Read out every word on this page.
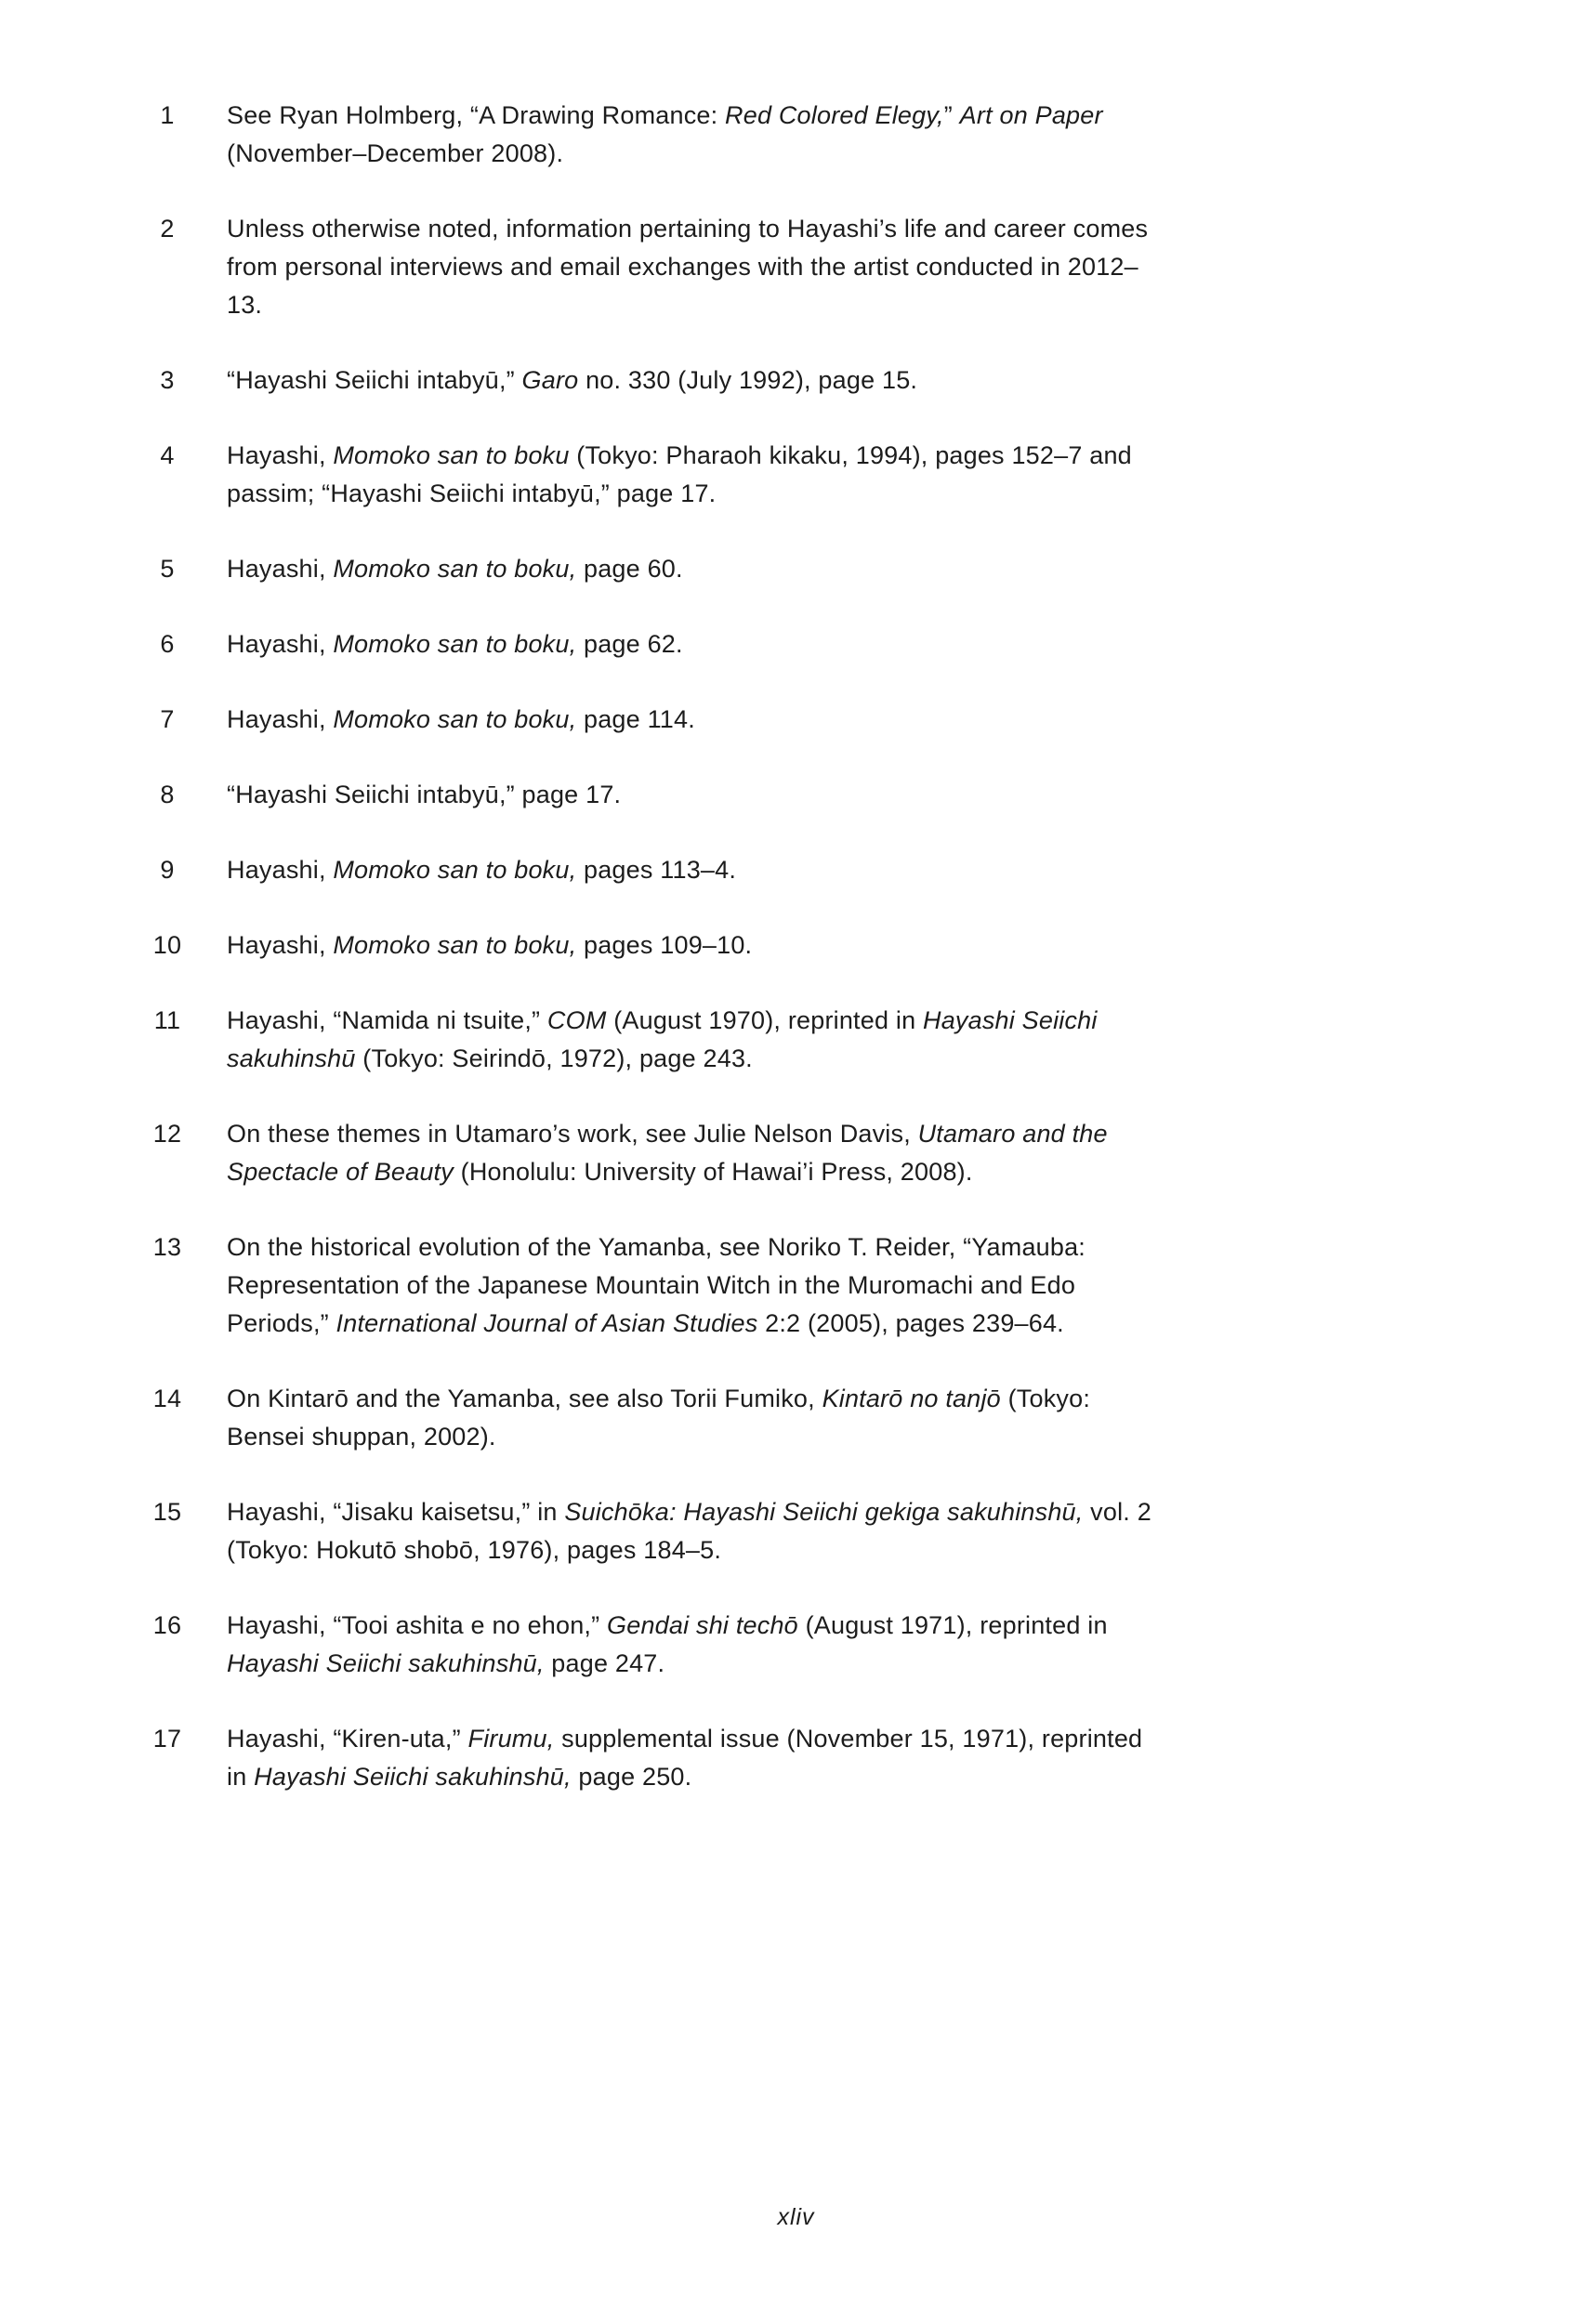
1	See Ryan Holmberg, “A Drawing Romance: Red Colored Elegy,” Art on Paper (November–December 2008).
2	Unless otherwise noted, information pertaining to Hayashi’s life and career comes from personal interviews and email exchanges with the artist conducted in 2012–13.
3	“Hayashi Seiichi intabyū,” Garo no. 330 (July 1992), page 15.
4	Hayashi, Momoko san to boku (Tokyo: Pharaoh kikaku, 1994), pages 152–7 and passim; “Hayashi Seiichi intabyū,” page 17.
5	Hayashi, Momoko san to boku, page 60.
6	Hayashi, Momoko san to boku, page 62.
7	Hayashi, Momoko san to boku, page 114.
8	“Hayashi Seiichi intabyū,” page 17.
9	Hayashi, Momoko san to boku, pages 113–4.
10	Hayashi, Momoko san to boku, pages 109–10.
11	Hayashi, “Namida ni tsuite,” COM (August 1970), reprinted in Hayashi Seiichi sakuhinshū (Tokyo: Seirindō, 1972), page 243.
12	On these themes in Utamaro’s work, see Julie Nelson Davis, Utamaro and the Spectacle of Beauty (Honolulu: University of Hawai’i Press, 2008).
13	On the historical evolution of the Yamanba, see Noriko T. Reider, “Yamauba: Representation of the Japanese Mountain Witch in the Muromachi and Edo Periods,” International Journal of Asian Studies 2:2 (2005), pages 239–64.
14	On Kintarō and the Yamanba, see also Torii Fumiko, Kintarō no tanjō (Tokyo: Bensei shuppan, 2002).
15	Hayashi, “Jisaku kaisetsu,” in Suichōka: Hayashi Seiichi gekiga sakuhinshū, vol. 2 (Tokyo: Hokutō shobō, 1976), pages 184–5.
16	Hayashi, “Tooi ashita e no ehon,” Gendai shi techō (August 1971), reprinted in Hayashi Seiichi sakuhinshū, page 247.
17	Hayashi, “Kiren-uta,” Firumu, supplemental issue (November 15, 1971), reprinted in Hayashi Seiichi sakuhinshū, page 250.
xliv
